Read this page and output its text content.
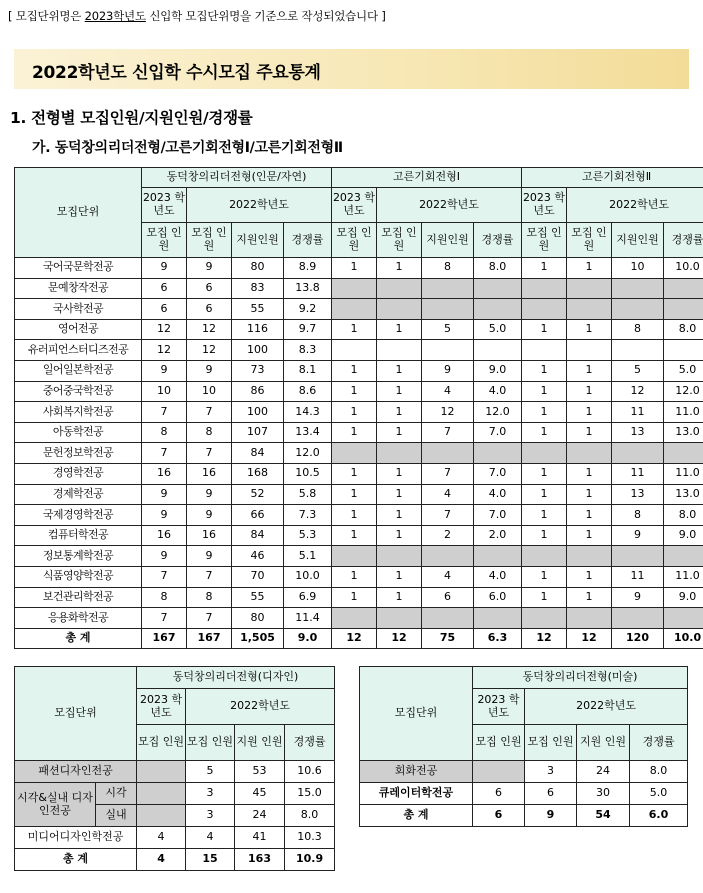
[ 모집단위명은 2023학년도 신입학 모집단위명을 기준으로 작성되었습니다 ]
2022학년도 신입학 수시모집 주요통계
1. 전형별 모집인원/지원인원/경쟁률
가. 동덕창의리더전형/고른기회전형Ⅰ/고른기회전형Ⅱ
모집단위	동덕창의리더전형(인문/자연)				고른기회전형Ⅰ				고른기회전형Ⅱ			
	2023 학년도	2022학년도			2023 학년도	2022학년도			2023 학년도	2022학년도		
	모집 인원	모집 인원	지원인원	경쟁률	모집 인원	모집 인원	지원인원	경쟁률	모집 인원	모집 인원	지원인원	경쟁률
국어국문학전공	9	9	80	8.9	1	1	8	8.0	1	1	10	10.0
문예창작전공	6	6	83	13.8								
국사학전공	6	6	55	9.2								
영어전공	12	12	116	9.7	1	1	5	5.0	1	1	8	8.0
유러피언스터디즈전공	12	12	100	8.3								
일어일본학전공	9	9	73	8.1	1	1	9	9.0	1	1	5	5.0
중어중국학전공	10	10	86	8.6	1	1	4	4.0	1	1	12	12.0
사회복지학전공	7	7	100	14.3	1	1	12	12.0	1	1	11	11.0
아동학전공	8	8	107	13.4	1	1	7	7.0	1	1	13	13.0
문헌정보학전공	7	7	84	12.0								
경영학전공	16	16	168	10.5	1	1	7	7.0	1	1	11	11.0
경제학전공	9	9	52	5.8	1	1	4	4.0	1	1	13	13.0
국제경영학전공	9	9	66	7.3	1	1	7	7.0	1	1	8	8.0
컴퓨터학전공	16	16	84	5.3	1	1	2	2.0	1	1	9	9.0
정보통계학전공	9	9	46	5.1								
식품영양학전공	7	7	70	10.0	1	1	4	4.0	1	1	11	11.0
보건관리학전공	8	8	55	6.9	1	1	6	6.0	1	1	9	9.0
응용화학전공	7	7	80	11.4								
총 계	167	167	1,505	9.0	12	12	75	6.3	12	12	120	10.0
모집단위		동덕창의리더전형(디자인)			
		2023 학년도	2022학년도		
		모집 인원	모집 인원	지원 인원	경쟁률
패션디자인전공			5	53	10.6
시각&실내 디자인전공	시각		3	45	15.0
	실내		3	24	8.0
미디어디자인학전공		4	4	41	10.3
총 계		4	15	163	10.9
모집단위	동덕창의리더전형(미술)			
	2023 학년도	2022학년도		
	모집 인원	모집 인원	지원 인원	경쟁률
회화전공		3	24	8.0
큐레이터학전공	6	6	30	5.0
총 계	6	9	54	6.0
